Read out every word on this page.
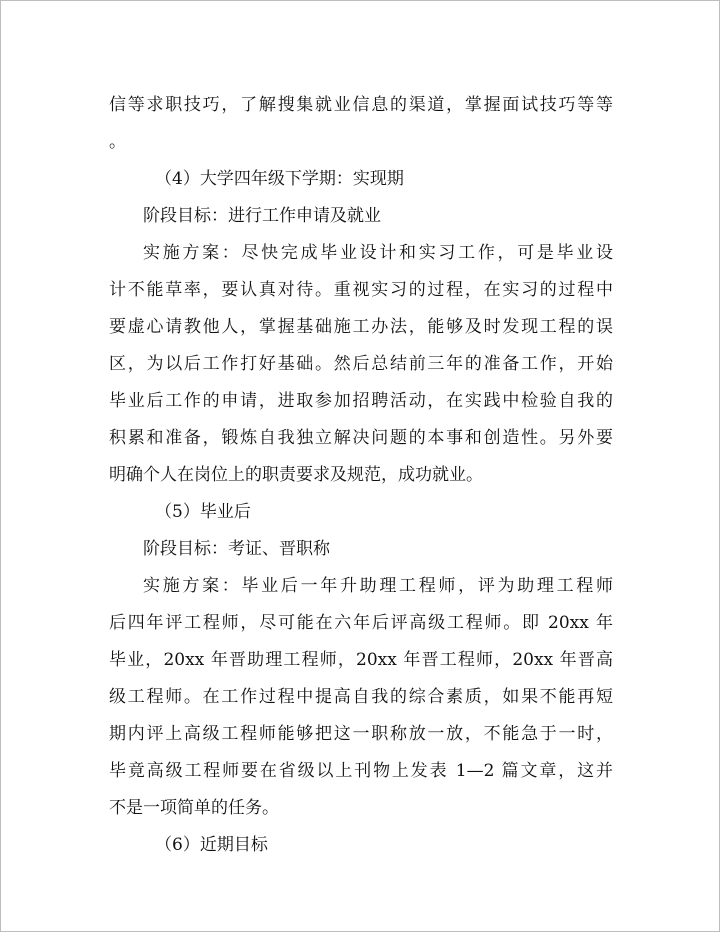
信等求职技巧，了解搜集就业信息的渠道，掌握面试技巧等等
。
（4）大学四年级下学期：实现期
阶段目标：进行工作申请及就业
实施方案：尽快完成毕业设计和实习工作，可是毕业设
计不能草率，要认真对待。重视实习的过程，在实习的过程中
要虚心请教他人，掌握基础施工办法，能够及时发现工程的误
区，为以后工作打好基础。然后总结前三年的准备工作，开始
毕业后工作的申请，进取参加招聘活动，在实践中检验自我的
积累和准备，锻炼自我独立解决问题的本事和创造性。另外要
明确个人在岗位上的职责要求及规范，成功就业。
（5）毕业后
阶段目标：考证、晋职称
实施方案：毕业后一年升助理工程师，评为助理工程师
后四年评工程师，尽可能在六年后评高级工程师。即 20xx 年
毕业，20xx 年晋助理工程师，20xx 年晋工程师，20xx 年晋高
级工程师。在工作过程中提高自我的综合素质，如果不能再短
期内评上高级工程师能够把这一职称放一放，不能急于一时，
毕竟高级工程师要在省级以上刊物上发表 1—2 篇文章，这并
不是一项简单的任务。
（6）近期目标
